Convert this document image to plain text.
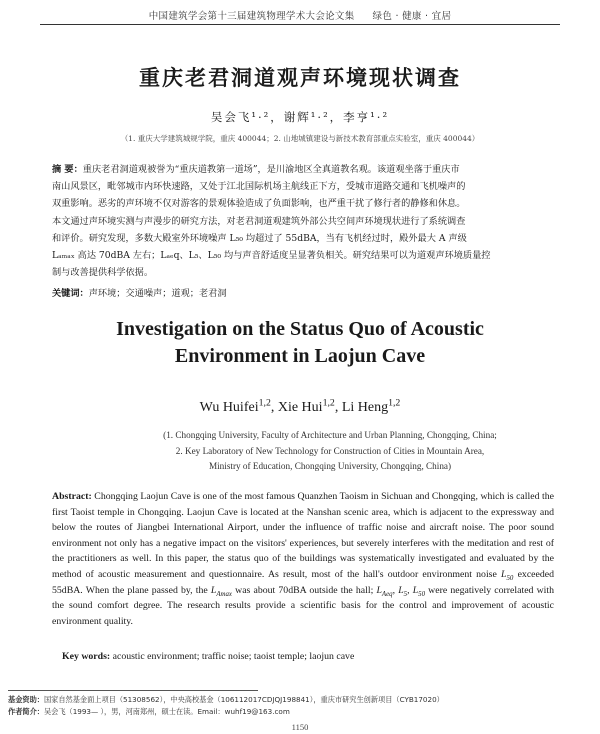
中国建筑学会第十三届建筑物理学术大会论文集 绿色 · 健康 · 宜居
重庆老君洞道观声环境现状调查
吴会飞¹·²，谢辉¹·²，李亨¹·²
（1. 重庆大学建筑城规学院，重庆 400044；2. 山地城镇建设与新技术教育部重点实验室，重庆 400044）
摘 要：重庆老君洞道观被誉为“重庆道教第一道场”，是川渝地区全真道教名观。该道观坐落于重庆市
南山风景区，毗邻城市内环快速路，又处于江北国际机场主航线正下方，受城市道路交通和飞机噪声的
双重影响。恶劣的声环境不仅对游客的景观体验造成了负面影响，也严重干扰了修行者的静修和休息。
本文通过声环境实测与声漫步的研究方法，对老君洞道观建筑外部公共空间声环境现状进行了系统调查
和评价。研究发现，多数大殿室外环境噪声 L₅₀ 均超过了 55dBA，当有飞机经过时，殿外最大 A 声级
Lₐₘₐₓ 高达 70dBA 左右；Lₐₑq、L₅、L₅₀ 均与声音舒适度呈显著负相关。研究结果可以为道观声环境质量控
制与改善提供科学依据。
关键词：声环境；交通噪声；道观；老君洞
Investigation on the Status Quo of Acoustic
Environment in Laojun Cave
Wu Huifei$^{1,2}$, Xie Hui$^{1,2}$, Li Heng$^{1,2}$
(1. Chongqing University, Faculty of Architecture and Urban Planning, Chongqing, China;
2. Key Laboratory of New Technology for Construction of Cities in Mountain Area,
Ministry of Education, Chongqing University, Chongqing, China)
Abstract: Chongqing Laojun Cave is one of the most famous Quanzhen Taoism in Sichuan and Chongqing, which is called the first Taoist temple in Chongqing. Laojun Cave is located at the Nanshan scenic area, which is adjacent to the expressway and below the routes of Jiangbei International Airport, under the influence of traffic noise and aircraft noise. The poor sound environment not only has a negative impact on the visitors' experiences, but severely interferes with the meditation and rest of the practitioners as well. In this paper, the status quo of the buildings was systematically investigated and evaluated by the method of acoustic measurement and questionnaire. As result, most of the hall's outdoor environment noise $L_{50}$ exceeded 55dBA. When the plane passed by, the $L_{Amax}$ was about 70dBA outside the hall; $L_{Aeq}$, $L_5$, $L_{50}$ were negatively correlated with the sound comfort degree. The research results provide a scientific basis for the control and improvement of acoustic environment quality.
Key words: acoustic environment; traffic noise; taoist temple; laojun cave
基金资助：国家自然基金面上项目（51308562），中央高校基金（106112017CDJQJ198841），重庆市研究生创新项目（CYB17020）
作者简介：吴会飞（1993— ），男，河南郑州，硕士在读。Email：wuhf19@163.com
1150
